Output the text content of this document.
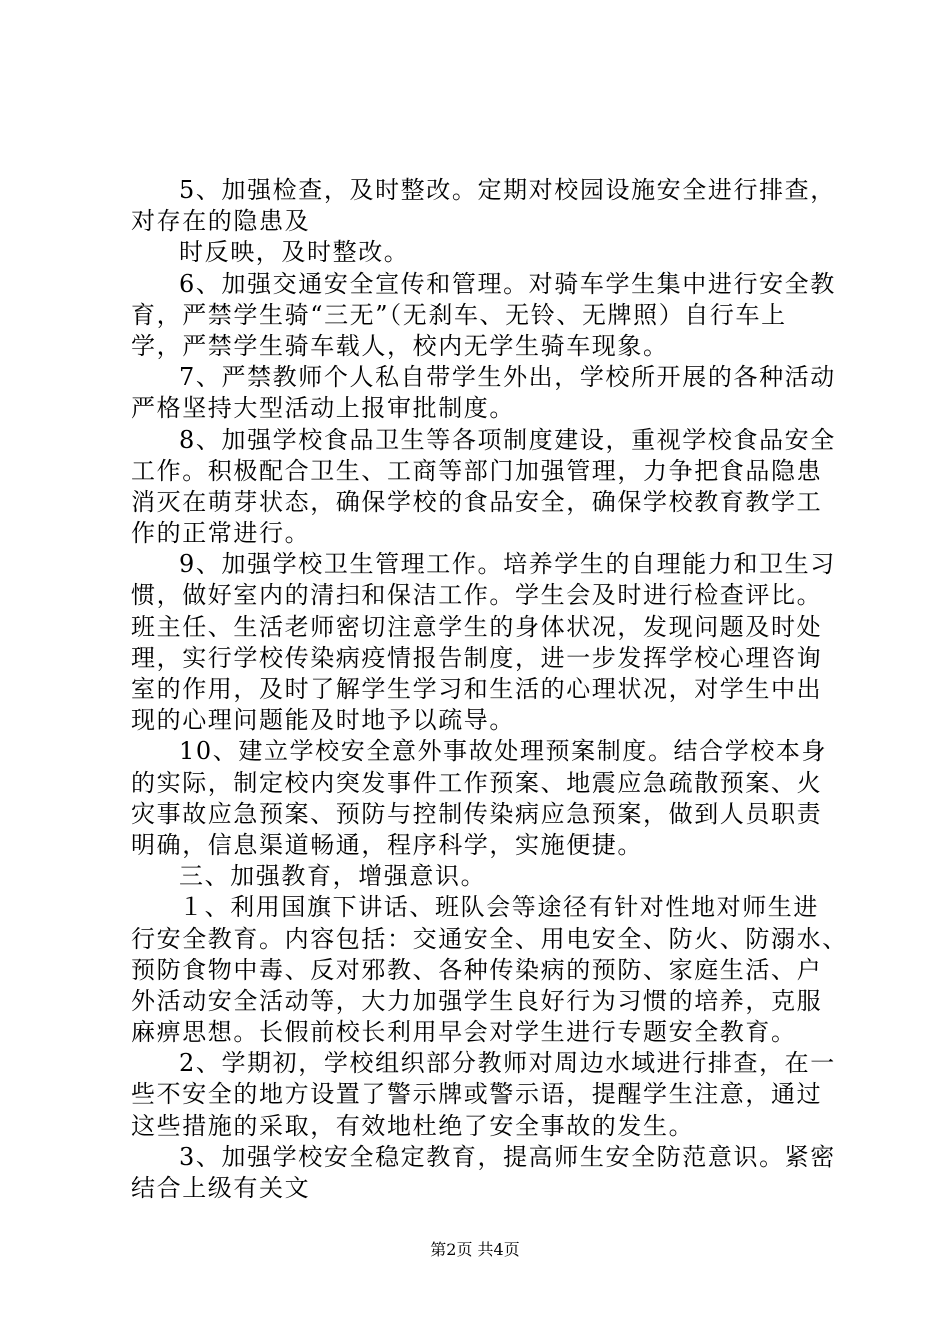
5、加强检查，及时整改。定期对校园设施安全进行排查，
对存在的隐患及
时反映，及时整改。
6、加强交通安全宣传和管理。对骑车学生集中进行安全教
育，严禁学生骑“三无”（无刹车、无铃、无牌照）自行车上
学，严禁学生骑车载人，校内无学生骑车现象。
7、严禁教师个人私自带学生外出，学校所开展的各种活动
严格坚持大型活动上报审批制度。
8、加强学校食品卫生等各项制度建设，重视学校食品安全
工作。积极配合卫生、工商等部门加强管理，力争把食品隐患
消灭在萌芽状态，确保学校的食品安全，确保学校教育教学工
作的正常进行。
9、加强学校卫生管理工作。培养学生的自理能力和卫生习
惯，做好室内的清扫和保洁工作。学生会及时进行检查评比。
班主任、生活老师密切注意学生的身体状况，发现问题及时处
理，实行学校传染病疫情报告制度，进一步发挥学校心理咨询
室的作用，及时了解学生学习和生活的心理状况，对学生中出
现的心理问题能及时地予以疏导。
10、建立学校安全意外事故处理预案制度。结合学校本身
的实际，制定校内突发事件工作预案、地震应急疏散预案、火
灾事故应急预案、预防与控制传染病应急预案，做到人员职责
明确，信息渠道畅通，程序科学，实施便捷。
三、加强教育，增强意识。
１、利用国旗下讲话、班队会等途径有针对性地对师生进
行安全教育。内容包括：交通安全、用电安全、防火、防溺水、
预防食物中毒、反对邪教、各种传染病的预防、家庭生活、户
外活动安全活动等，大力加强学生良好行为习惯的培养，克服
麻痹思想。长假前校长利用早会对学生进行专题安全教育。
2、学期初，学校组织部分教师对周边水域进行排查，在一
些不安全的地方设置了警示牌或警示语，提醒学生注意，通过
这些措施的采取，有效地杜绝了安全事故的发生。
3、加强学校安全稳定教育，提高师生安全防范意识。紧密
结合上级有关文
第2页 共4页
